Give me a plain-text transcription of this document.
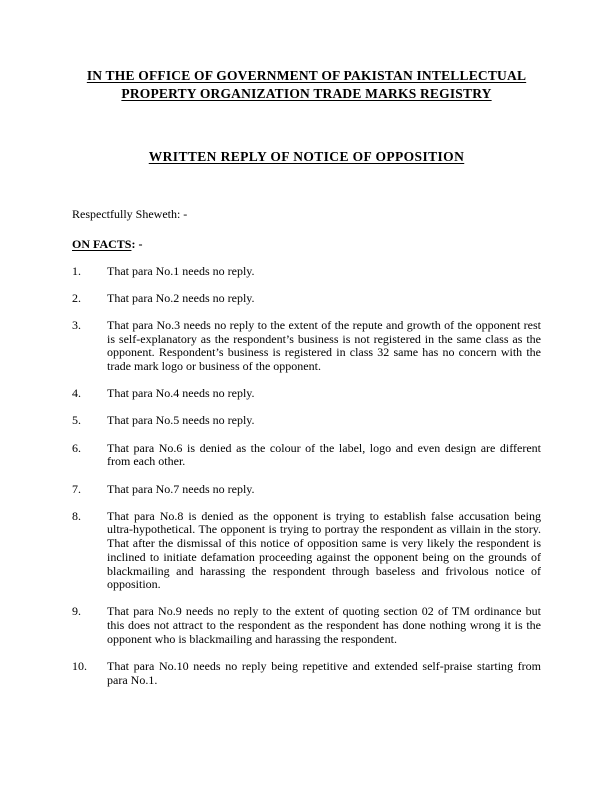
IN THE OFFICE OF GOVERNMENT OF PAKISTAN INTELLECTUAL PROPERTY ORGANIZATION TRADE MARKS REGISTRY
WRITTEN REPLY OF NOTICE OF OPPOSITION

Respectfully Sheweth: -

ON FACTS: -

1.	That para No.1 needs no reply.
2.	That para No.2 needs no reply.
3.	That para No.3 needs no reply to the extent of the repute and growth of the opponent rest is self-explanatory as the respondent’s business is not registered in the same class as the opponent. Respondent’s business is registered in class 32 same has no concern with the trade mark logo or business of the opponent.
4.	That para No.4 needs no reply.
5.	That para No.5 needs no reply.
6.	That para No.6 is denied as the colour of the label, logo and even design are different from each other.
7.	That para No.7 needs no reply.
8.	That para No.8 is denied as the opponent is trying to establish false accusation being ultra-hypothetical. The opponent is trying to portray the respondent as villain in the story. That after the dismissal of this notice of opposition same is very likely the respondent is inclined to initiate defamation proceeding against the opponent being on the grounds of blackmailing and harassing the respondent through baseless and frivolous notice of opposition.
9.	That para No.9 needs no reply to the extent of quoting section 02 of TM ordinance but this does not attract to the respondent as the respondent has done nothing wrong it is the opponent who is blackmailing and harassing the respondent.
10.	That para No.10 needs no reply being repetitive and extended self-praise starting from para No.1.
